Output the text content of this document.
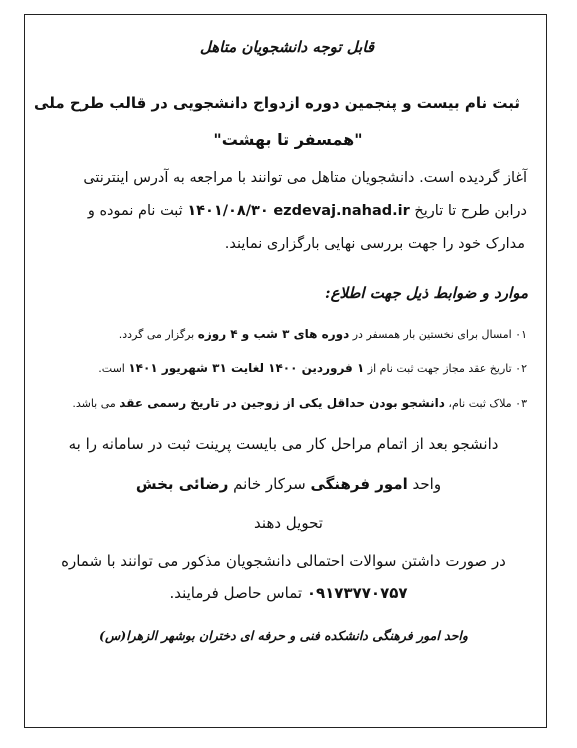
قابل توجه دانشجویان متاهل
ثبت نام بیست و پنجمین دوره ازدواج دانشجویی در قالب طرح ملی
"همسفر تا بهشت"
آغاز گردیده است. دانشجویان متاهل می توانند با مراجعه به آدرس اینترنتی
درابن طرح تا تاریخ ezdevaj.nahad.ir ۱۴۰۱/۰۸/۳۰ ثبت نام نموده و
مدارک خود را جهت بررسی نهایی بارگزاری نمایند.
موارد و ضوابط ذیل جهت اطلاع:
۰۱ امسال برای نخستین بار همسفر در دوره های ۳ شب و ۴ روزه برگزار می گردد.
۰۲ تاریخ عقد مجاز جهت ثبت نام از ۱ فروردین ۱۴۰۰ لغایت ۳۱ شهریور ۱۴۰۱ است.
۰۳ ملاک ثبت نام، دانشجو بودن حداقل یکی از زوجین در تاریخ رسمی عقد می باشد.
دانشجو بعد از اتمام مراحل کار می بایست پرینت ثبت در سامانه را به
واحد امور فرهنگی سرکار خانم رضائی بخش
تحویل دهند
در صورت داشتن سوالات احتمالی دانشجویان مذکور می توانند با شماره
۰۹۱۷۳۷۷۰۷۵۷ تماس حاصل فرمایند.
واحد امور فرهنگی دانشکده فنی و حرفه ای دختران بوشهر الزهرا(س)
